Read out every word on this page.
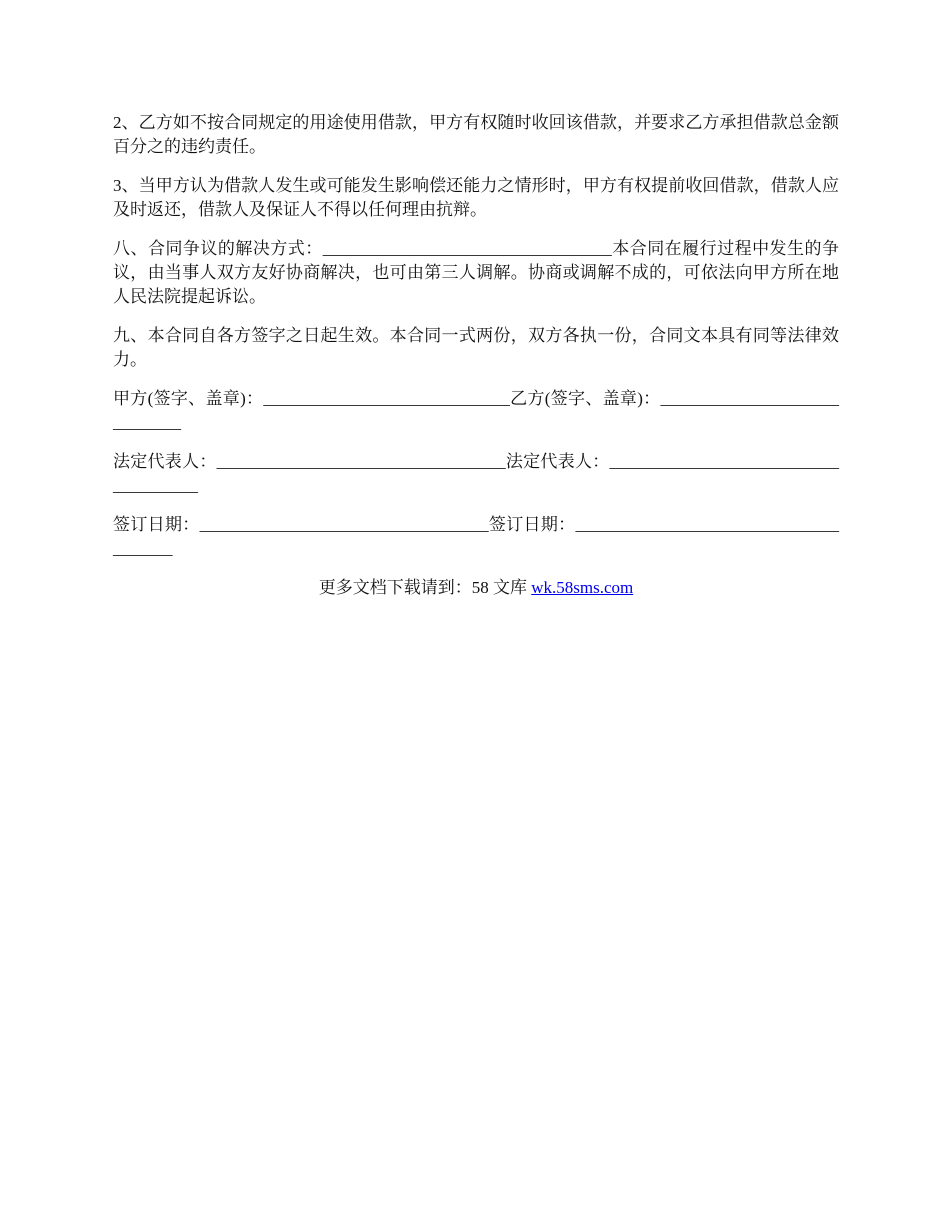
2、乙方如不按合同规定的用途使用借款，甲方有权随时收回该借款，并要求乙方承担借款总金额百分之的违约责任。

3、当甲方认为借款人发生或可能发生影响偿还能力之情形时，甲方有权提前收回借款，借款人应及时返还，借款人及保证人不得以任何理由抗辩。

八、合同争议的解决方式：__________________________________本合同在履行过程中发生的争议，由当事人双方友好协商解决，也可由第三人调解。协商或调解不成的，可依法向甲方所在地人民法院提起诉讼。

九、本合同自各方签字之日起生效。本合同一式两份，双方各执一份，合同文本具有同等法律效力。

甲方(签字、盖章)：_____________________________乙方(签字、盖章)：_____________________________

法定代表人：__________________________________法定代表人：_____________________________________

签订日期：__________________________________签订日期：______________________________________

更多文档下载请到：58 文库 wk.58sms.com
